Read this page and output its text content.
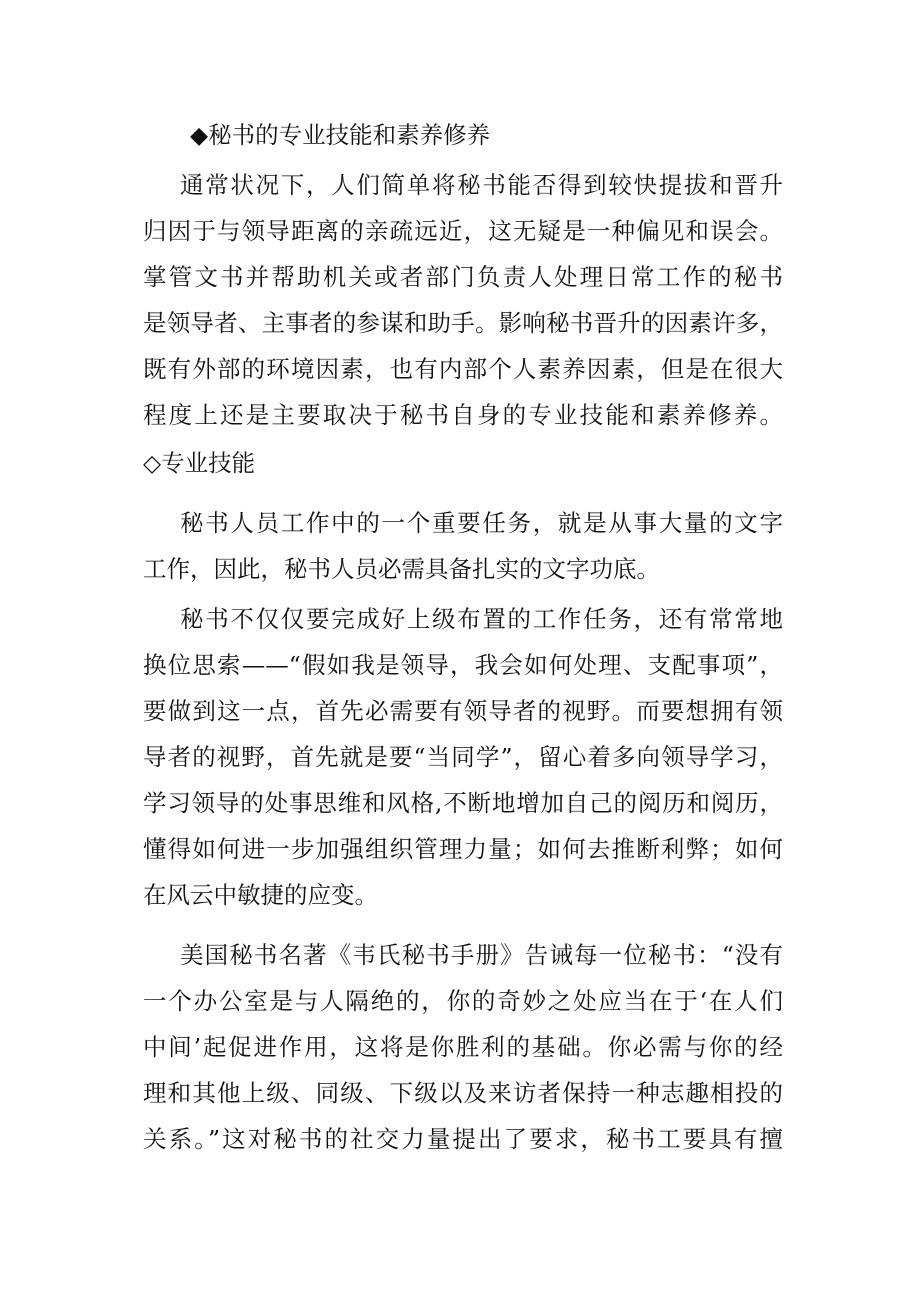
◆秘书的专业技能和素养修养
通常状况下，人们简单将秘书能否得到较快提拔和晋升
归因于与领导距离的亲疏远近，这无疑是一种偏见和误会。
掌管文书并帮助机关或者部门负责人处理日常工作的秘书
是领导者、主事者的参谋和助手。影响秘书晋升的因素许多，
既有外部的环境因素，也有内部个人素养因素，但是在很大
程度上还是主要取决于秘书自身的专业技能和素养修养。
◇专业技能
秘书人员工作中的一个重要任务，就是从事大量的文字
工作，因此，秘书人员必需具备扎实的文字功底。
秘书不仅仅要完成好上级布置的工作任务，还有常常地
换位思索——“假如我是领导，我会如何处理、支配事项”，
要做到这一点，首先必需要有领导者的视野。而要想拥有领
导者的视野，首先就是要“当同学”，留心着多向领导学习，
学习领导的处事思维和风格,不断地增加自己的阅历和阅历，
懂得如何进一步加强组织管理力量；如何去推断利弊；如何
在风云中敏捷的应变。
美国秘书名著《韦氏秘书手册》告诫每一位秘书：“没有
一个办公室是与人隔绝的，你的奇妙之处应当在于‘在人们
中间’起促进作用，这将是你胜利的基础。你必需与你的经
理和其他上级、同级、下级以及来访者保持一种志趣相投的
关系。”这对秘书的社交力量提出了要求，秘书工要具有擅
